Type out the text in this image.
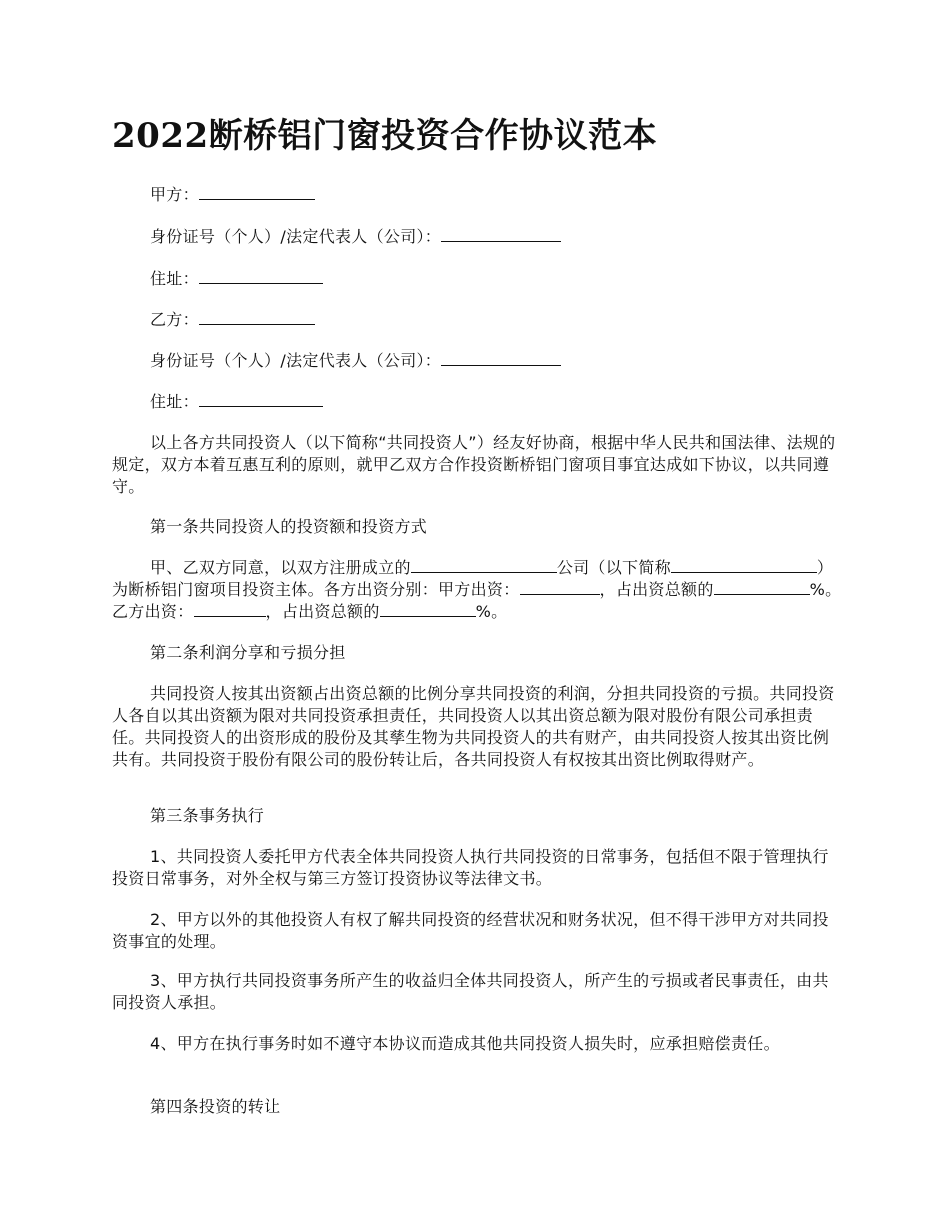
2022断桥铝门窗投资合作协议范本

甲方：

身份证号（个人）/法定代表人（公司）：

住址：

乙方：

身份证号（个人）/法定代表人（公司）：

住址：

以上各方共同投资人（以下简称“共同投资人”）经友好协商，根据中华人民共和国法律、法规的规定，双方本着互惠互利的原则，就甲乙双方合作投资断桥铝门窗项目事宜达成如下协议，以共同遵守。

第一条共同投资人的投资额和投资方式

甲、乙双方同意，以双方注册成立的	公司（以下简称	）为断桥铝门窗项目投资主体。各方出资分别：甲方出资：	，占出资总额的	%。乙方出资：	，占出资总额的	%。

第二条利润分享和亏损分担

共同投资人按其出资额占出资总额的比例分享共同投资的利润，分担共同投资的亏损。共同投资人各自以其出资额为限对共同投资承担责任，共同投资人以其出资总额为限对股份有限公司承担责任。共同投资人的出资形成的股份及其孳生物为共同投资人的共有财产，由共同投资人按其出资比例共有。共同投资于股份有限公司的股份转让后，各共同投资人有权按其出资比例取得财产。

第三条事务执行

1、共同投资人委托甲方代表全体共同投资人执行共同投资的日常事务，包括但不限于管理执行投资日常事务，对外全权与第三方签订投资协议等法律文书。

2、甲方以外的其他投资人有权了解共同投资的经营状况和财务状况，但不得干涉甲方对共同投资事宜的处理。

3、甲方执行共同投资事务所产生的收益归全体共同投资人，所产生的亏损或者民事责任，由共同投资人承担。

4、甲方在执行事务时如不遵守本协议而造成其他共同投资人损失时，应承担赔偿责任。

第四条投资的转让
